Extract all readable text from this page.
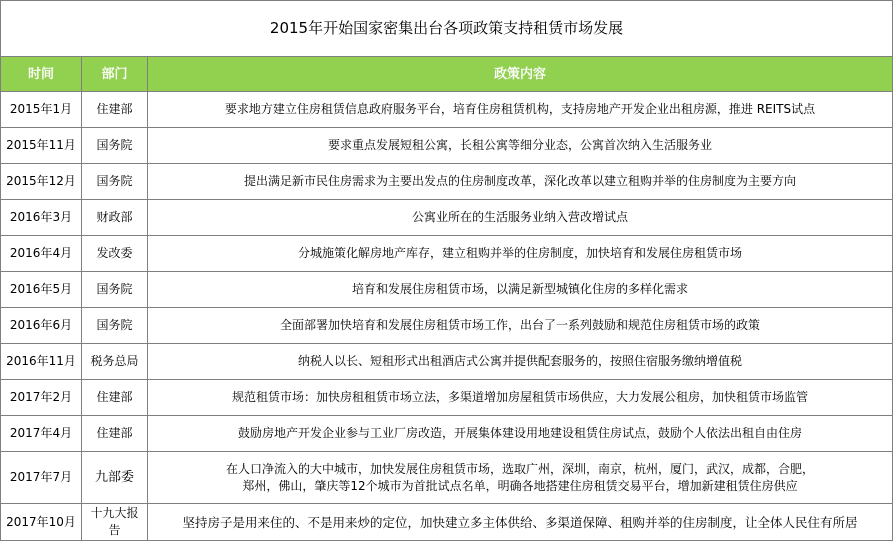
2015年开始国家密集出台各项政策支持租赁市场发展		
时间	部门	政策内容
2015年1月	住建部	要求地方建立住房租赁信息政府服务平台，培育住房租赁机构，支持房地产开发企业出租房源，推进 REITS试点
2015年11月	国务院	要求重点发展短租公寓，长租公寓等细分业态，公寓首次纳入生活服务业
2015年12月	国务院	提出满足新市民住房需求为主要出发点的住房制度改革，深化改革以建立租购并举的住房制度为主要方向
2016年3月	财政部	公寓业所在的生活服务业纳入营改增试点
2016年4月	发改委	分城施策化解房地产库存，建立租购并举的住房制度，加快培育和发展住房租赁市场
2016年5月	国务院	培育和发展住房租赁市场，以满足新型城镇化住房的多样化需求
2016年6月	国务院	全面部署加快培育和发展住房租赁市场工作，出台了一系列鼓励和规范住房租赁市场的政策
2016年11月	税务总局	纳税人以长、短租形式出租酒店式公寓并提供配套服务的，按照住宿服务缴纳增值税
2017年2月	住建部	规范租赁市场：加快房租租赁市场立法，多渠道增加房屋租赁市场供应，大力发展公租房，加快租赁市场监管
2017年4月	住建部	鼓励房地产开发企业参与工业厂房改造，开展集体建设用地建设租赁住房试点，鼓励个人依法出租自由住房
2017年7月	九部委	在人口净流入的大中城市，加快发展住房租赁市场，选取广州，深圳，南京，杭州，厦门，武汉，成都，合肥，
郑州，佛山，肇庆等12个城市为首批试点名单，明确各地搭建住房租赁交易平台，增加新建租赁住房供应

2017年10月	十九大报告	坚持房子是用来住的、不是用来炒的定位，加快建立多主体供给、多渠道保障、租购并举的住房制度，让全体人民住有所居
